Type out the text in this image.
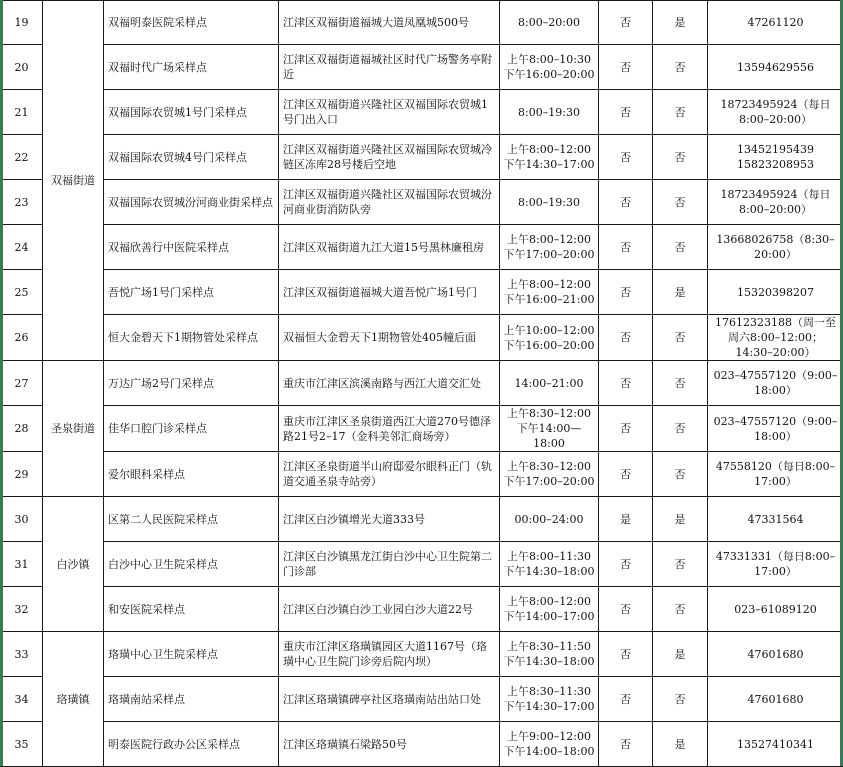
19	双福街道	双福明泰医院采样点	江津区双福街道福城大道凤凰城500号	8:00–20:00	否	是	47261120
20		双福时代广场采样点	江津区双福街道福城社区时代广场警务亭附近	上午8:00–10:30
下午16:00–20:00	否	否	13594629556
21		双福国际农贸城1号门采样点	江津区双福街道兴隆社区双福国际农贸城1号门出入口	8:00–19:30	否	否	18723495924（每日8:00–20:00）
22		双福国际农贸城4号门采样点	江津区双福街道兴隆社区双福国际农贸城冷链区冻库28号楼后空地	上午8:00–12:00
下午14:30–17:00	否	否	13452195439
15823208953
23		双福国际农贸城汾河商业街采样点	江津区双福街道兴隆社区双福国际农贸城汾河商业街消防队旁	8:00–19:30	否	否	18723495924（每日8:00–20:00）
24		双福欣善行中医院采样点	江津区双福街道九江大道15号黑林廉租房	上午8:00–12:00
下午17:00–20:00	否	否	13668026758（8:30–20:00）
25		吾悦广场1号门采样点	江津区双福街道福城大道吾悦广场1号门	上午8:00–12:00 下午16:00–21:00	否	是	15320398207
26		恒大金碧天下1期物管处采样点	双福恒大金碧天下1期物管处405幢后面	上午10:00–12:00
下午16:00–20:00	否	否	17612323188（周一至周六8:00–12:00；14:30–20:00）
27	圣泉街道	万达广场2号门采样点	重庆市江津区滨溪南路与西江大道交汇处	14:00–21:00	否	否	023–47557120（9:00–18:00）
28		佳华口腔门诊采样点	重庆市江津区圣泉街道西江大道270号德泽路21号2–17（金科美邻汇商场旁）	上午8:30–12:00
下午14:00—18:00	否	否	023–47557120（9:00–18:00）
29		爱尔眼科采样点	江津区圣泉街道半山府邸爱尔眼科正门（轨道交通圣泉寺站旁）	上午8:30–12:00
下午17:00–20:00	否	否	47558120（每日8:00–17:00）
30	白沙镇	区第二人民医院采样点	江津区白沙镇增光大道333号	00:00–24:00	是	是	47331564
31		白沙中心卫生院采样点	江津区白沙镇黑龙江街白沙中心卫生院第二门诊部	上午8:00–11:30
下午14:30–18:00	否	否	47331331（每日8:00–17:00）
32		和安医院采样点	江津区白沙镇白沙工业园白沙大道22号	上午8:00–12:00
下午14:00–17:00	否	否	023–61089120
33	珞璜镇	珞璜中心卫生院采样点	重庆市江津区珞璜镇园区大道1167号（珞璜中心卫生院门诊旁后院内坝）	上午8:30–11:50
下午14:30–18:00	否	是	47601680
34		珞璜南站采样点	江津区珞璜镇碑亭社区珞璜南站出站口处	上午8:30–11:30
下午14:30–17:00	否	否	47601680
35		明泰医院行政办公区采样点	江津区珞璜镇石梁路50号	上午9:00–12:00
下午14:00–18:00	否	是	13527410341
